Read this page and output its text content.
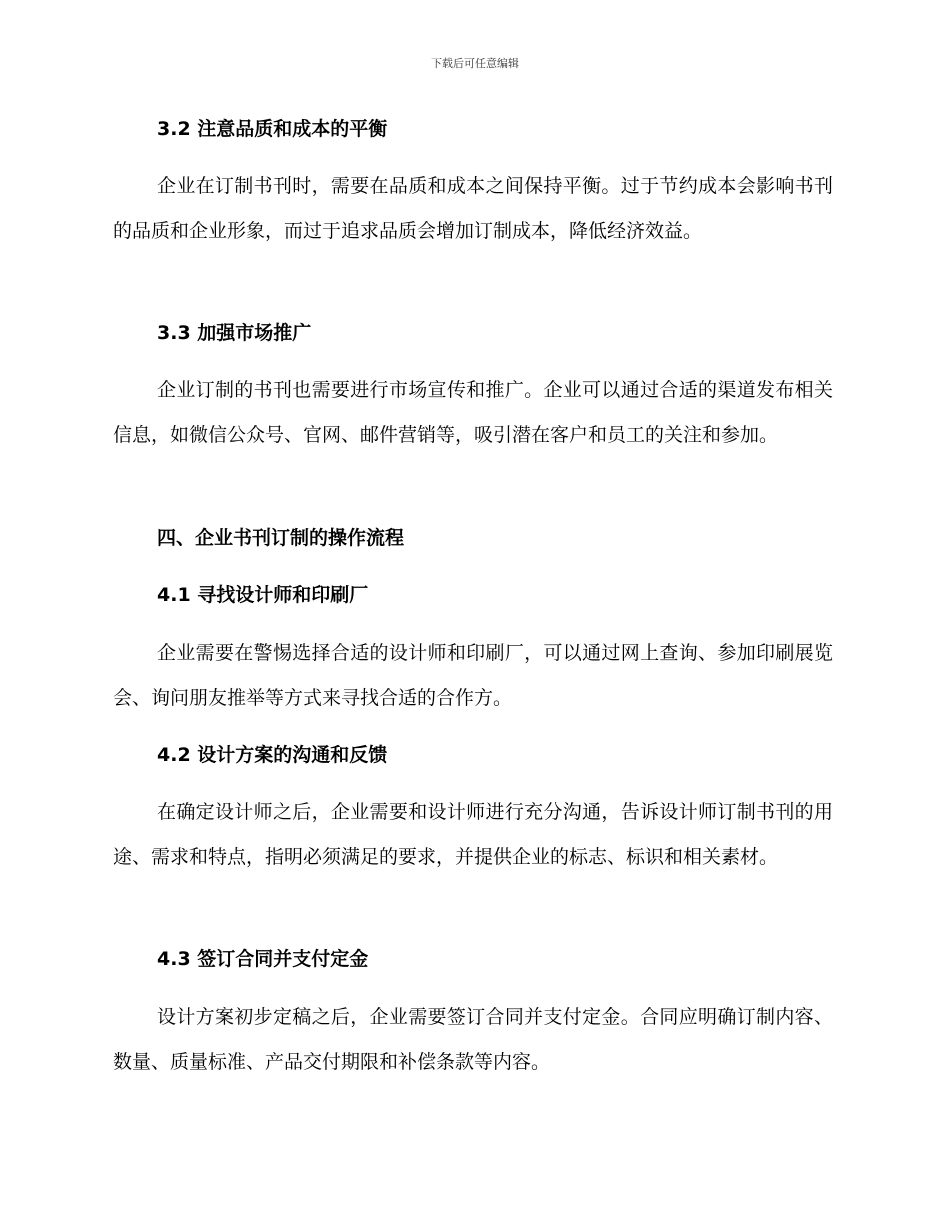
下载后可任意编辑
3.2 注意品质和成本的平衡
企业在订制书刊时，需要在品质和成本之间保持平衡。过于节约成本会影响书刊的品质和企业形象，而过于追求品质会增加订制成本，降低经济效益。
3.3 加强市场推广
企业订制的书刊也需要进行市场宣传和推广。企业可以通过合适的渠道发布相关信息，如微信公众号、官网、邮件营销等，吸引潜在客户和员工的关注和参加。
四、企业书刊订制的操作流程
4.1 寻找设计师和印刷厂
企业需要在警惕选择合适的设计师和印刷厂，可以通过网上查询、参加印刷展览会、询问朋友推举等方式来寻找合适的合作方。
4.2 设计方案的沟通和反馈
在确定设计师之后，企业需要和设计师进行充分沟通，告诉设计师订制书刊的用途、需求和特点，指明必须满足的要求，并提供企业的标志、标识和相关素材。
4.3 签订合同并支付定金
设计方案初步定稿之后，企业需要签订合同并支付定金。合同应明确订制内容、数量、质量标准、产品交付期限和补偿条款等内容。
